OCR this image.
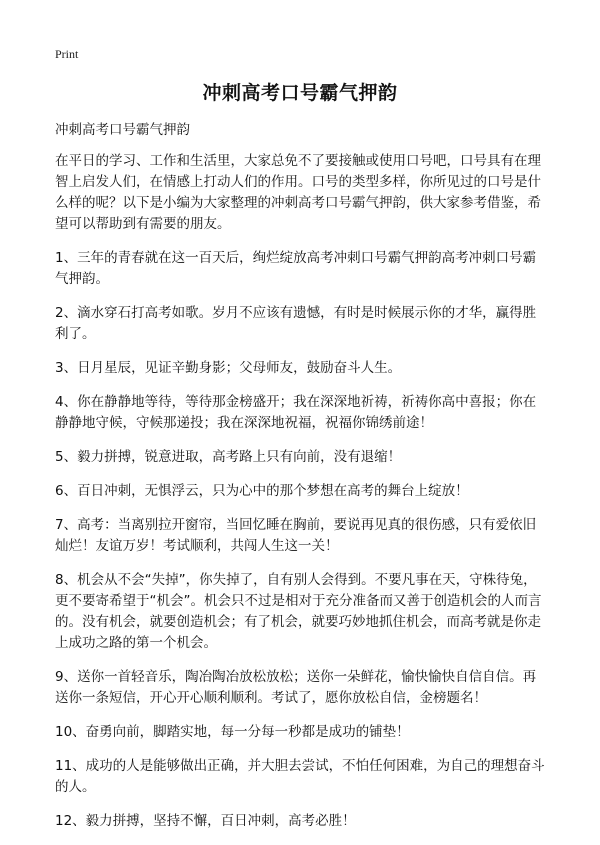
Print
冲刺高考口号霸气押韵
冲刺高考口号霸气押韵
在平日的学习、工作和生活里，大家总免不了要接触或使用口号吧，口号具有在理智上启发人们，在情感上打动人们的作用。口号的类型多样，你所见过的口号是什么样的呢？以下是小编为大家整理的冲刺高考口号霸气押韵，供大家参考借鉴，希望可以帮助到有需要的朋友。
1、三年的青春就在这一百天后，绚烂绽放高考冲刺口号霸气押韵高考冲刺口号霸气押韵。
2、滴水穿石打高考如歌。岁月不应该有遗憾，有时是时候展示你的才华，赢得胜利了。
3、日月星辰，见证辛勤身影；父母师友，鼓励奋斗人生。
4、你在静静地等待，等待那金榜盛开；我在深深地祈祷，祈祷你高中喜报；你在静静地守候，守候那递投；我在深深地祝福，祝福你锦绣前途！
5、毅力拼搏，锐意进取，高考路上只有向前，没有退缩！
6、百日冲刺，无惧浮云，只为心中的那个梦想在高考的舞台上绽放！
7、高考：当离别拉开窗帘，当回忆睡在胸前，要说再见真的很伤感，只有爱依旧灿烂！友谊万岁！考试顺利，共闯人生这一关！
8、机会从不会“失掉”，你失掉了，自有别人会得到。不要凡事在天，守株待兔，更不要寄希望于“机会”。机会只不过是相对于充分准备而又善于创造机会的人而言的。没有机会，就要创造机会；有了机会，就要巧妙地抓住机会，而高考就是你走上成功之路的第一个机会。
9、送你一首轻音乐，陶冶陶冶放松放松；送你一朵鲜花，愉快愉快自信自信。再送你一条短信，开心开心顺利顺利。考试了，愿你放松自信，金榜题名！
10、奋勇向前，脚踏实地，每一分每一秒都是成功的铺垫！
11、成功的人是能够做出正确，并大胆去尝试，不怕任何困难，为自己的理想奋斗的人。
12、毅力拼搏，坚持不懈，百日冲刺，高考必胜！
